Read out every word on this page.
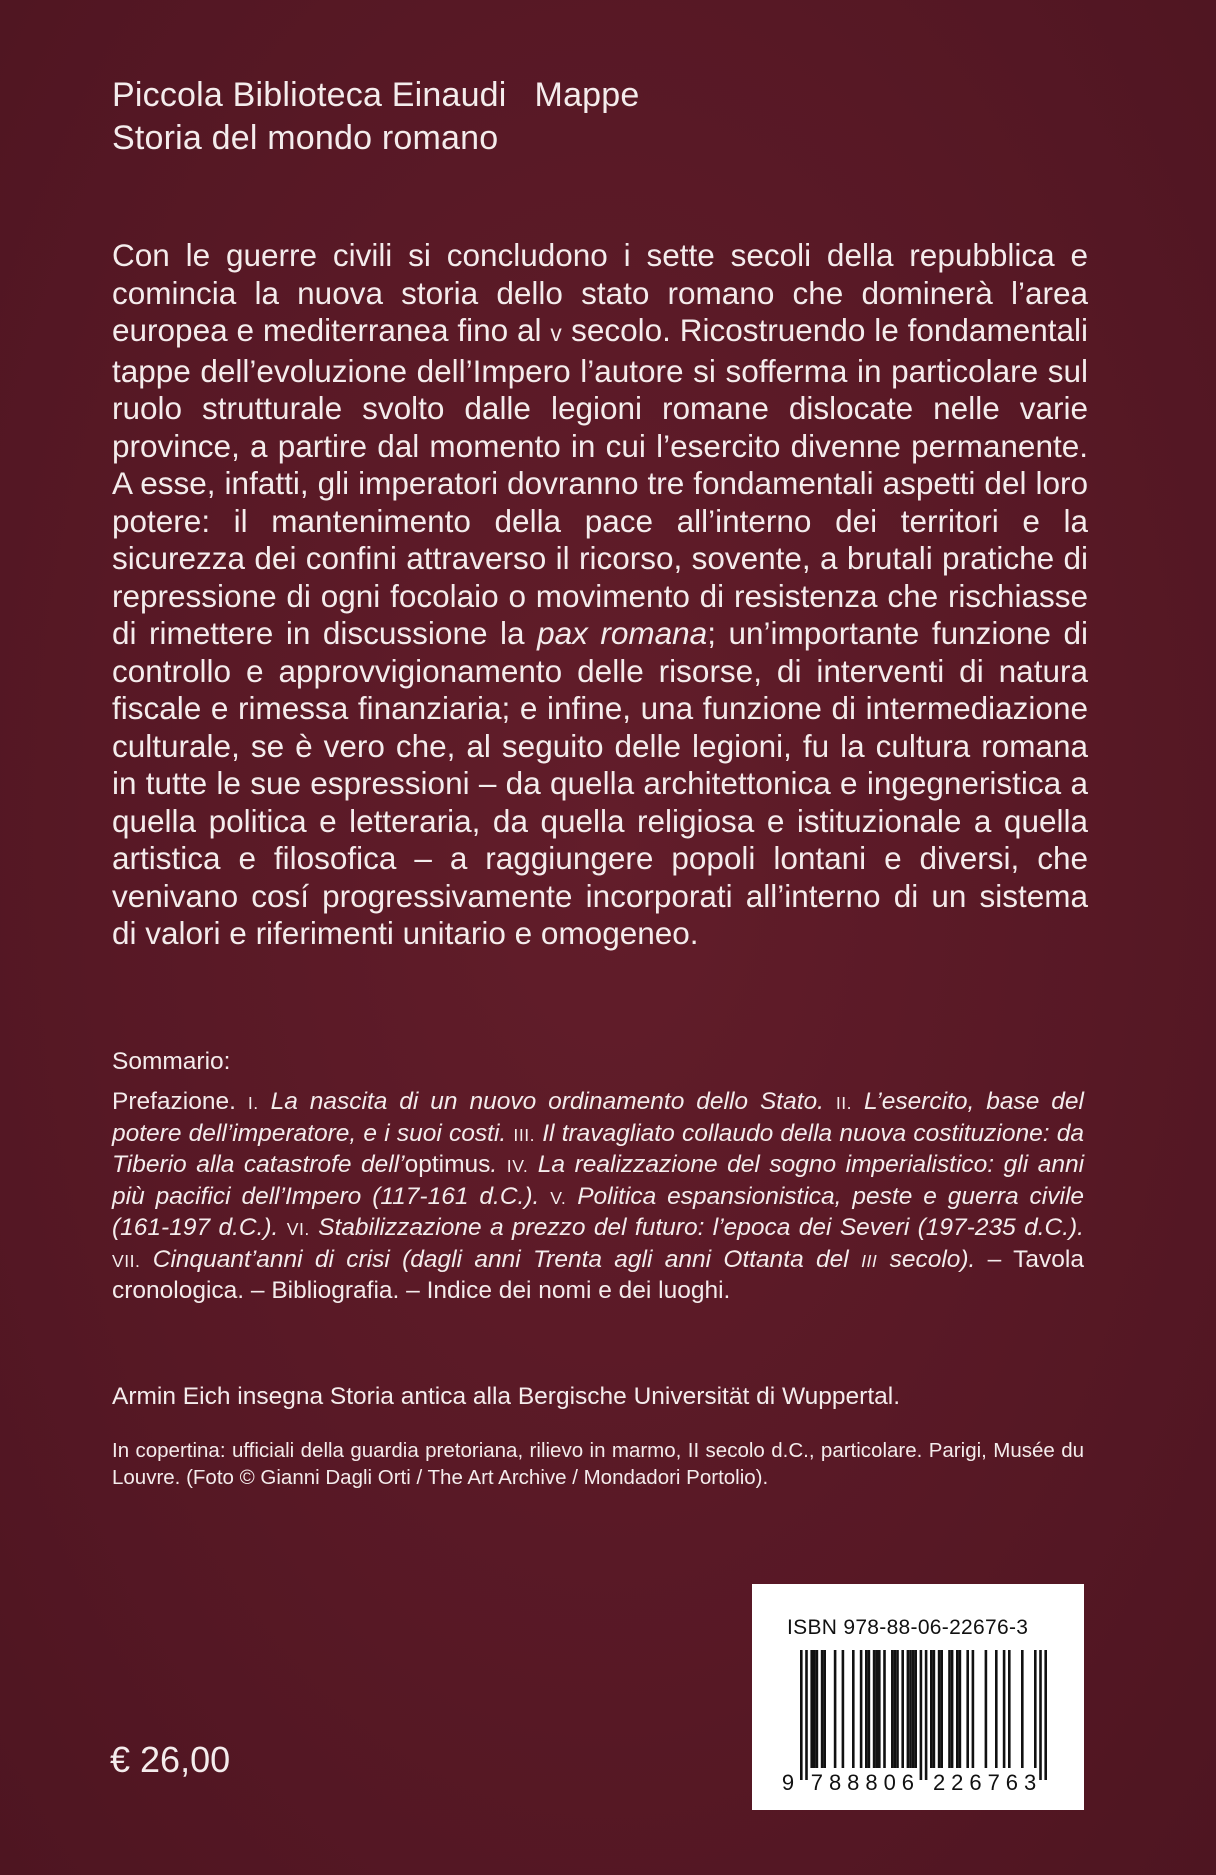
Piccola Biblioteca Einaudi Mappe
Storia del mondo romano

Con le guerre civili si concludono i sette secoli della repubblica e comincia la nuova storia dello stato romano che dominerà l’area europea e mediterranea fino al v secolo. Ricostruendo le fondamentali tappe dell’evoluzione dell’Impero l’autore si sofferma in particolare sul ruolo strutturale svolto dalle legioni romane dislocate nelle varie province, a partire dal momento in cui l’esercito divenne permanente. A esse, infatti, gli imperatori dovranno tre fondamentali aspetti del loro potere: il mantenimento della pace all’interno dei territori e la sicurezza dei confini attraverso il ricorso, sovente, a brutali pratiche di repressione di ogni focolaio o movimento di resistenza che rischiasse di rimettere in discussione la pax romana; un’importante funzione di controllo e approvvigionamento delle risorse, di interventi di natura fiscale e rimessa finanziaria; e infine, una funzione di intermediazione culturale, se è vero che, al seguito delle legioni, fu la cultura romana in tutte le sue espressioni – da quella architettonica e ingegneristica a quella politica e letteraria, da quella religiosa e istituzionale a quella artistica e filosofica – a raggiungere popoli lontani e diversi, che venivano cosí progressivamente incorporati all’interno di un sistema di valori e riferimenti unitario e omogeneo.

Sommario:

Prefazione. I. La nascita di un nuovo ordinamento dello Stato. II. L’esercito, base del potere dell’imperatore, e i suoi costi. III. Il travagliato collaudo della nuova costituzione: da Tiberio alla catastrofe dell’optimus. IV. La realizzazione del sogno imperialistico: gli anni più pacifici dell’Impero (117-161 d.C.). V. Politica espansionistica, peste e guerra civile (161-197 d.C.). VI. Stabilizzazione a prezzo del futuro: l’epoca dei Severi (197-235 d.C.). VII. Cinquant’anni di crisi (dagli anni Trenta agli anni Ottanta del III secolo). – Tavola cronologica. – Bibliografia. – Indice dei nomi e dei luoghi.

Armin Eich insegna Storia antica alla Bergische Universität di Wuppertal.

In copertina: ufficiali della guardia pretoriana, rilievo in marmo, II secolo d.C., particolare. Parigi, Musée du Louvre. (Foto © Gianni Dagli Orti / The Art Archive / Mondadori Portolio).

€ 26,00
ISBN 978-88-06-22676-3
9 7 8 8 8 0 6 2 2 6 7 6 3
